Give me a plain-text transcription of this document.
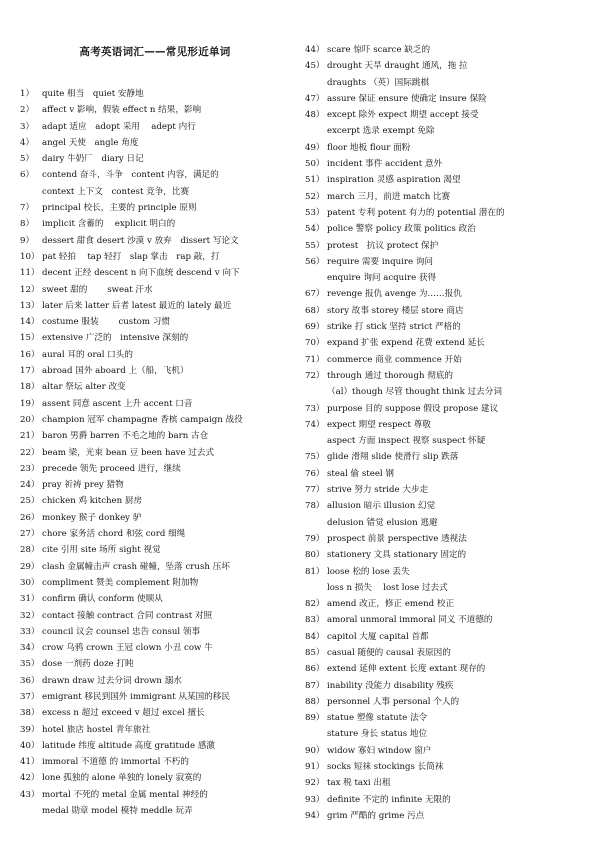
1） quite 相当　quiet 安静地
2） affect v 影响，假装 effect n 结果，影响
3） adapt 适应　adopt 采用　 adept 内行
4） angel 天使　angle 角度
5） dairy 牛奶厂　diary 日记
6） contend 奋斗，斗争　content 内容，满足的
context 上下文　contest 竞争，比赛
7） principal 校长，主要的 principle 原则
8） implicit 含蓄的　 explicit 明白的
9） dessert 甜食 desert 沙漠 v 放弃　dissert 写论文
10） pat 轻拍　 tap 轻打　slap 掌击　rap 敲，打
11） decent 正经 descent n 向下血统 descend v 向下
12） sweet 甜的　　 sweat 汗水
13） later 后来 latter 后者 latest 最近的 lately 最近
14） costume 服装　　 custom 习惯
15） extensive 广泛的　intensive 深刻的
16） aural 耳的 oral 口头的
17） abroad 国外 aboard 上（船，飞机）
18） altar 祭坛 alter 改变
19） assent 同意 ascent 上升 accent 口音
20） champion 冠军 champagne 香槟 campaign 战役
21） baron 男爵 barren 不毛之地的 barn 古仓
22） beam 梁，光束 bean 豆 been have 过去式
23） precede 领先 proceed 进行，继续
24） pray 祈祷 prey 猎物
25） chicken 鸡 kitchen 厨房
26） monkey 猴子 donkey 驴
27） chore 家务活 chord 和弦 cord 细绳
28） cite 引用 site 场所 sight 视觉
29） clash 金属幢击声 crash 碰幢，坠落 crush 压坏
30） compliment 赞美 complement 附加物
31） confirm 确认 conform 使顺从
32） contact 接触 contract 合同 contrast 对照
33） council 议会 counsel 忠告 consul 领事
34） crow 乌鸦 crown 王冠 clown 小丑 cow 牛
35） dose 一剂药 doze 打盹
36） drawn draw 过去分词 drown 溺水
37） emigrant 移民到国外 immigrant 从某国的移民
38） excess n 超过 exceed v 超过 excel 擅长
39） hotel 旅店 hostel 青年旅社
40） latitude 纬度 altitude 高度 gratitude 感激
41） immoral 不道德 的 immortal 不朽的
42） lone 孤独的 alone 单独的 lonely 寂寞的
43） mortal 不死的 metal 金属 mental 神经的
medal 勋章 model 模特 meddle 玩弄
高考英语词汇——常见形近单词	44） scare 惊吓 scarce 缺乏的
45） drought 天旱 draught 通风，拖 拉
draughts （英）国际跳棋
47） assure 保证 ensure 使确定 insure 保险
48） except 除外 expect 期望 accept 接受
excerpt 选录 exempt 免除
49） floor 地板 flour 面粉
50） incident 事件 accident 意外
51） inspiration 灵感 aspiration 渴望
52） march 三月，前进 match 比赛
53） patent 专利 potent 有力的 potential 潜在的
54） police 警察 policy 政策 politics 政治
55） protest　抗议 protect 保护
56） require 需要 inquire 询问
enquire 询问 acquire 获得
67） revenge 报仇 avenge 为……报仇
68） story 故事 storey 楼层 store 商店
69） strike 打 stick 坚持 strict 严格的
70） expand 扩张 expend 花费 extend 延长
71） commerce 商业 commence 开始
72） through 通过 thorough 彻底的
（al）though 尽管 thought think 过去分词
73） purpose 目的 suppose 假设 propose 建议
74） expect 期望 respect 尊敬
aspect 方面 inspect 视察 suspect 怀疑
75） glide 滑翔 slide 使滑行 slip 跌落
76） steal 偷 steel 钢
77） strive 努力 stride 大步走
78） allusion 暗示 illusion 幻觉
delusion 错觉 elusion 逃避
79） prospect 前景 perspective 透视法
80） stationery 文具 stationary 固定的
81） loose 松的 lose 丢失
loss n 损失　 lost lose 过去式
82） amend 改正，修正 emend 校正
83） amoral unmoral immoral 同义 不道德的
84） capitol 大厦 capital 首都
85） casual 随便的 causal 表原因的
86） extend 延伸 extent 长度 extant 现存的
87） inability 没能力 disability 残疾
88） personnel 人事 personal 个人的
89） statue 塑像 statute 法令
stature 身长 status 地位
90） widow 寡妇 window 窗户
91） socks 短袜 stockings 长筒袜
92） tax 税 taxi 出租
93） definite 不定的 infinite 无限的
94） grim 严酷的 grime 污点
